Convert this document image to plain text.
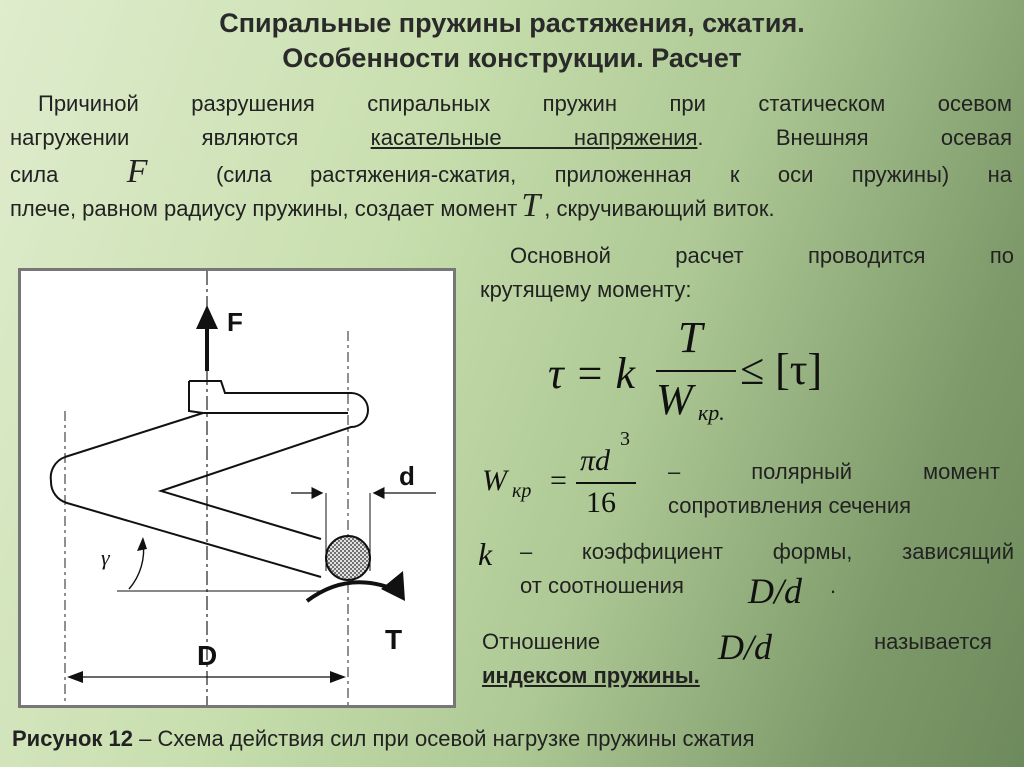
Спиральные пружины растяжения, сжатия.
Особенности конструкции. Расчет
Причиной разрушения спиральных пружин при статическом осевом
нагружении являются	касательные напряжения. Внешняя осевая
сила F	(сила растяжения-сжатия, приложенная к оси пружины) на
плече, равном радиусу пружины, создает момент T , скручивающий виток.
Основной расчет проводится по
крутящему моменту:
τ = k
T
W кр.
≤ [τ]
W кр =
πd
3
16
– полярный момент
сопротивления сечения
k – коэффициент формы, зависящий
от соотношения D/d .
Отношение	D/d	называется
индексом пружины.
F
d
γ
T
D
Рисунок 12 – Схема действия сил при осевой нагрузке пружины сжатия
